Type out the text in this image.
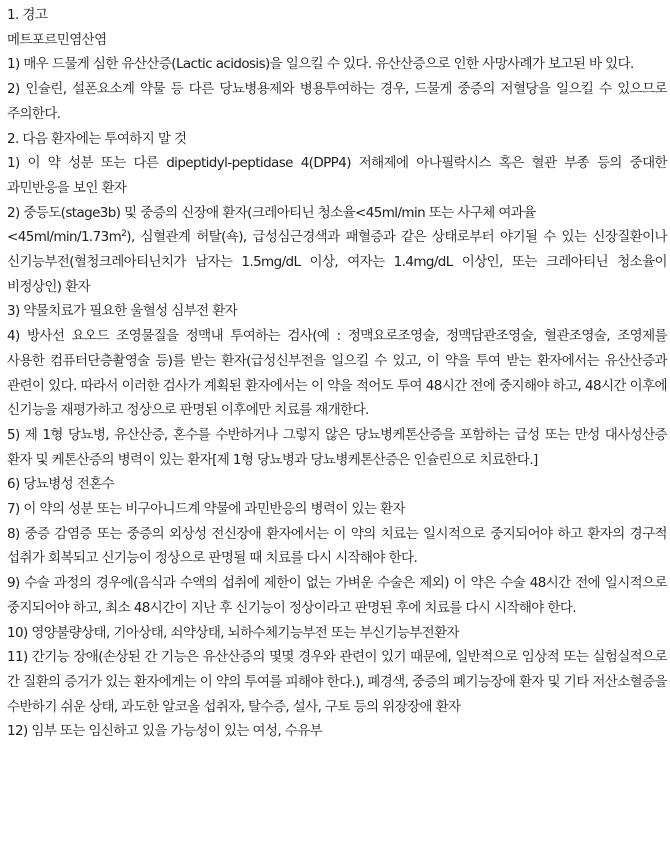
1. 경고

메트포르민염산염

1) 매우 드물게 심한 유산산증(Lactic acidosis)을 일으킬 수 있다. 유산산증으로 인한 사망사례가 보고된 바 있다.

2) 인슐린, 설폰요소계 약물 등 다른 당뇨병용제와 병용투여하는 경우, 드물게 중증의 저혈당을 일으킬 수 있으므로 주의한다.

2. 다음 환자에는 투여하지 말 것

1) 이 약 성분 또는 다른 dipeptidyl-peptidase 4(DPP4) 저해제에 아나필락시스 혹은 혈관 부종 등의 중대한 과민반응을 보인 환자

2) 중등도(stage3b) 및 중증의 신장애 환자(크레아티닌 청소율<45ml/min 또는 사구체 여과율
$<45ml/\min/1.73m^2$), 심혈관계 허탈(쇽), 급성심근경색과 패혈증과 같은 상태로부터 야기될 수 있는 신장질환이나 신기능부전(혈청크레아티닌치가 남자는 1.5mg/dL 이상, 여자는 1.4mg/dL 이상인, 또는 크레아티닌 청소율이 비정상인) 환자

3) 약물치료가 필요한 울혈성 심부전 환자

4) 방사선 요오드 조영물질을 정맥내 투여하는 검사(예 : 정맥요로조영술, 정맥담관조영술, 혈관조영술, 조영제를 사용한 컴퓨터단층촬영술 등)를 받는 환자(급성신부전을 일으킬 수 있고, 이 약을 투여 받는 환자에서는 유산산증과 관련이 있다. 따라서 이러한 검사가 계획된 환자에서는 이 약을 적어도 투여 48시간 전에 중지해야 하고, 48시간 이후에 신기능을 재평가하고 정상으로 판명된 이후에만 치료를 재개한다.

5) 제 1형 당뇨병, 유산산증, 혼수를 수반하거나 그렇지 않은 당뇨병케톤산증을 포함하는 급성 또는 만성 대사성산증 환자 및 케톤산증의 병력이 있는 환자[제 1형 당뇨병과 당뇨병케톤산증은 인슐린으로 치료한다.]

6) 당뇨병성 전혼수

7) 이 약의 성분 또는 비구아니드계 약물에 과민반응의 병력이 있는 환자

8) 중증 감염증 또는 중증의 외상성 전신장애 환자에서는 이 약의 치료는 일시적으로 중지되어야 하고 환자의 경구적 섭취가 회복되고 신기능이 정상으로 판명될 때 치료를 다시 시작해야 한다.

9) 수술 과정의 경우에(음식과 수액의 섭취에 제한이 없는 가벼운 수술은 제외) 이 약은 수술 48시간 전에 일시적으로 중지되어야 하고, 최소 48시간이 지난 후 신기능이 정상이라고 판명된 후에 치료를 다시 시작해야 한다.

10) 영양불량상태, 기아상태, 쇠약상태, 뇌하수체기능부전 또는 부신기능부전환자

11) 간기능 장애(손상된 간 기능은 유산산증의 몇몇 경우와 관련이 있기 때문에, 일반적으로 임상적 또는 실험실적으로 간 질환의 증거가 있는 환자에게는 이 약의 투여를 피해야 한다.), 폐경색, 중증의 폐기능장애 환자 및 기타 저산소혈증을 수반하기 쉬운 상태, 과도한 알코올 섭취자, 탈수증, 설사, 구토 등의 위장장애 환자

12) 임부 또는 임신하고 있을 가능성이 있는 여성, 수유부
